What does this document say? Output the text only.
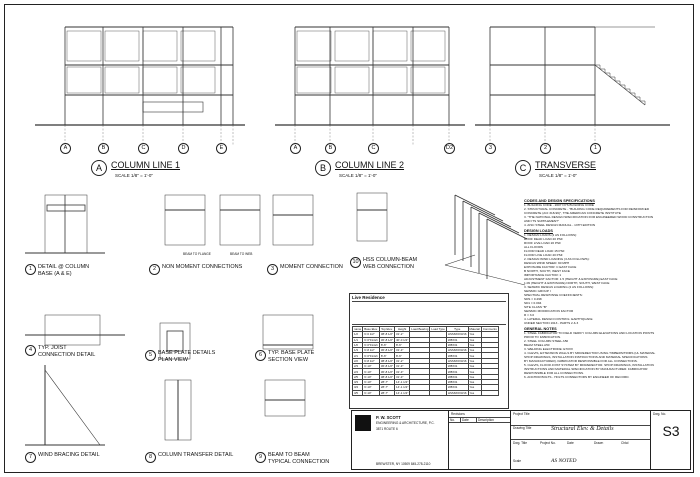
A	B	C	D	E	A	B	C	D2	3	2	1
A	COLUMN LINE 1
SCALE 1/8" = 1'-0"
B	COLUMN LINE 2
SCALE 1/8" = 1'-0"
C TRANSVERSE
SCALE 1/8" = 1'-0"
1	DETAIL @ COLUMN
BASE (A & E)
2	NON MOMENT CONNECTIONS	3	MOMENT CONNECTION
10 HSS COLUMN-BEAM
WEB CONNECTION
4	TYP. JOIST
CONNECTION DETAIL	5	BASE PLATE DETAILS
PLAN VIEW
6	TYP. BASE PLATE
SECTION VIEW
7	WIND BRACING DETAIL	8	COLUMN TRANSFER DETAIL	9	BEAM TO BEAM
TYPICAL CONNECTION
BEAM TO FLANGE	BEAM TO WEB
Live Residence
name	Base Elev.	Top Elev.	Height	Load Bearing	Load Type	Type	Materail	Comments
1/2	6'-6 1/2"	38'-8 1/2"	31'-2"			HSS6X6X3/16	Yes	
1/1	6'-6"Finish	36'-8 1/2"	40'-0 1/2"			W8X31	Yes	
1/0	6'-6"Finish	8'-6"	8'-6"			W8X31	Yes	
1/3	6'-8 1/2"	36'-8 1/2"	31'-3"			HSS6X6X3/16	Yes	
2/1	6'-6"Finish	8'-6"	8'-6"			W8X31	Yes	
2/2	6'-8 1/2"	38'-8 1/2"	31'-2"			HSS6X6X3/16	Yes	
2/3	6'-10"	36'-8 1/2"	31'-3"			W8X31	Yes	
2/4	6'-10"	36'-8 1/2"	31'-3"			W8X31	Yes	
2/5	6'-10"	38'-8 1/2"	31'-3"			W8X31	Yes	
3/3	6'-10"	28'-7"	14'-1 1/2"			W8X31	Yes	
3/4	6'-10"	28'-7"	14'-1 1/2"			W8X31	Yes	
3/5	6'-10"	28'-7"	14'-1 1/2"			HSS6X6X3/16	Yes	
CODES AND DESIGN SPECIFICATIONS
1. BUILDING CODE - 2007 NYS BUILDING CODE
2. STRUCTURAL CONCRETE - "BUILDING CODE REQUIREMENTS FOR REINFORCED
CONCRETE (ACI 318-99)", THE AMERICAN CONCRETE INSTITUTE
3. "THE NATIONAL DESIGN SPECIFICATION FOR ENGINEERED WOOD CONSTRUCTION
AND ITS SUPPLEMENT"
4. AISC STEEL DESIGN MANUAL - 13TH EDITION
DESIGN LOADS
1. DESIGN LOADS (2 AS FOLLOWS):
ROOF DEAD LOAD 20 PSF
ROOF LIVE LOAD 20 PSF
ALL FLOORS
FLOOR DEAD LOAD 15 PSF
FLOOR LIVE LOAD 40 PSF
2. DESIGN WIND LOADING (3 AS FOLLOWS):
DESIGN WIND SPEED: 90 MPH
EXPOSURE FACTOR: C EAST FACE
B NORTH, SOUTH, WEST FACE
IMPORTANCE FACTOR: 1
ADJUSTMENT FACTOR: 1.5 (HEIGHT & EXPOSURE) EAST FACE
1.09 (HEIGHT & EXPOSURE) NORTH, SOUTH, WEST FACE
3. SEISMIC DESIGN LOADING (2 AS FOLLOWS):
SEISMIC GROUP I
SPECTRAL RESPONSE COEFFICIENTS:
SDS = 0.298
SD1 = 0.094
SITE CLASS "B"
SEISMIC MODIFICATION FACTOR
R = 3.0
4. LATERAL DESIGN CONTROL: EARTHQUAKE
UNDER SECTION 1613 - PARTS 2 & 3
GENERAL NOTES
1. STEEL FABRICATOR TO FIELD VERIFY COLUMN ELEVATIONS AND LOCATION POINTS
PRIOR TO FABRICATION.
2. STEEL COLUMN STEEL A50
BEAM STEEL A50
3. WELDING ELECTRODE: E70XX
4. CLEVIS, EXTENSION WALLS BY MFR/ERECTOR USING TIMBERS/TRIMS (UL MATERIAL
SHOP DRAWINGS, INSTALLATION INSTRUCTIONS AND MATERIAL SPECIFICATIONS
BY MANUFACTURER). FABRICATOR RESPONSIBLE FOR ALL CONNECTIONS.
5. CLEVIS, FLOOR JOIST SYSTEM BY MFR/ERECTOR. SHOP DRAWINGS, INSTALLATION
INSTRUCTIONS AND MATERIAL SPECIFICATION BY MANUFACTURER. FABRICATOR
RESPONSIBLE FOR ALL CONNECTIONS.
6. ANCHOR BOLTS - HOLTS CONNECTORS BY ENGINEER OF RECORD.
P. W. SCOTT
ENGINEERING & ARCHITECTURE, P.C.
3871 ROUTE 6
BREWSTER, NY 10509 845-278-2110
Revisions
No.	Date	Description
Project Title
Drawing Title	Structural Elev. & Details
Dwg. Title	Project No.	Date	Drawn	Chkd
Scale	AS NOTED
Dwg. No.
S3
